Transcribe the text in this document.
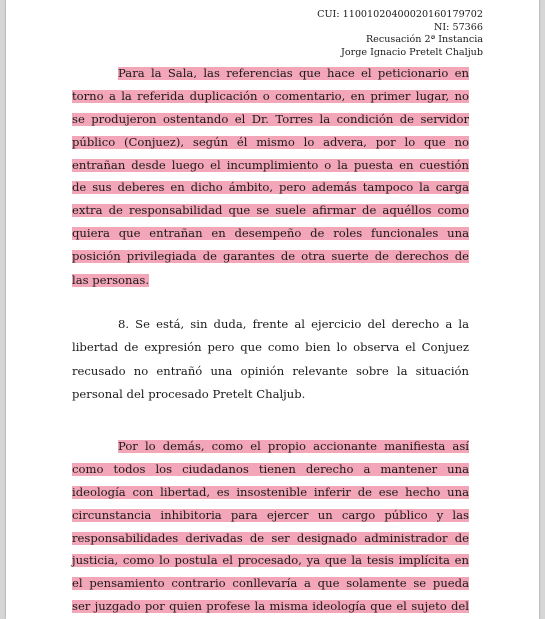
CUI: 11001020400020160179702
NI: 57366
Recusación 2ª Instancia
Jorge Ignacio Pretelt Chaljub
Para la Sala, las referencias que hace el peticionario en
torno a la referida duplicación o comentario, en primer lugar, no
se produjeron ostentando el Dr. Torres la condición de servidor
público (Conjuez), según él mismo lo advera, por lo que no
entrañan desde luego el incumplimiento o la puesta en cuestión
de sus deberes en dicho ámbito, pero además tampoco la carga
extra de responsabilidad que se suele afirmar de aquéllos como
quiera que entrañan en desempeño de roles funcionales una
posición privilegiada de garantes de otra suerte de derechos de
las personas.
8. Se está, sin duda, frente al ejercicio del derecho a la
libertad de expresión pero que como bien lo observa el Conjuez
recusado no entrañó una opinión relevante sobre la situación
personal del procesado Pretelt Chaljub.
Por lo demás, como el propio accionante manifiesta así
como todos los ciudadanos tienen derecho a mantener una
ideología con libertad, es insostenible inferir de ese hecho una
circunstancia inhibitoria para ejercer un cargo público y las
responsabilidades derivadas de ser designado administrador de
justicia, como lo postula el procesado, ya que la tesis implícita en
el pensamiento contrario conllevaría a que solamente se pueda
ser juzgado por quien profese la misma ideología que el sujeto del
